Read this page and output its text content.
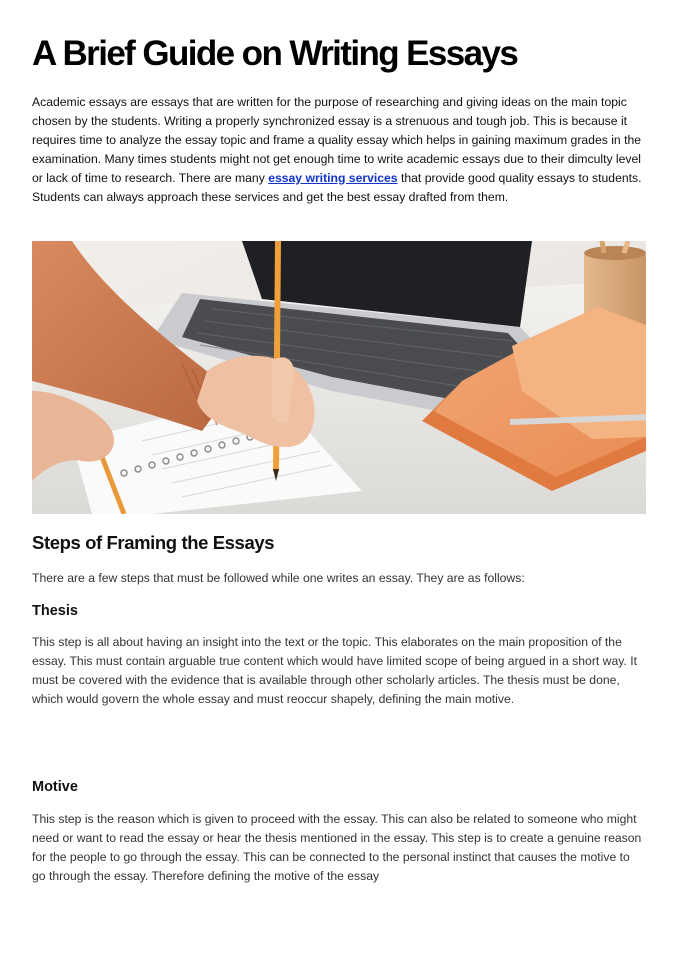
A Brief Guide on Writing Essays

Academic essays are essays that are written for the purpose of researching and giving ideas on the main topic chosen by the students. Writing a properly synchronized essay is a strenuous and tough job. This is because it requires time to analyze the essay topic and frame a quality essay which helps in gaining maximum grades in the examination. Many times students might not get enough time to write academic essays due to their dimculty level or lack of time to research. There are many essay writing services that provide good quality essays to students. Students can always approach these services and get the best essay drafted from them.

Steps of Framing the Essays

There are a few steps that must be followed while one writes an essay. They are as follows:

Thesis

This step is all about having an insight into the text or the topic. This elaborates on the main proposition of the essay. This must contain arguable true content which would have limited scope of being argued in a short way. It must be covered with the evidence that is available through other scholarly articles. The thesis must be done, which would govern the whole essay and must reoccur shapely, defining the main motive.

Motive

This step is the reason which is given to proceed with the essay. This can also be related to someone who might need or want to read the essay or hear the thesis mentioned in the essay. This step is to create a genuine reason for the people to go through the essay. This can be connected to the personal instinct that causes the motive to go through the essay. Therefore defining the motive of the essay
